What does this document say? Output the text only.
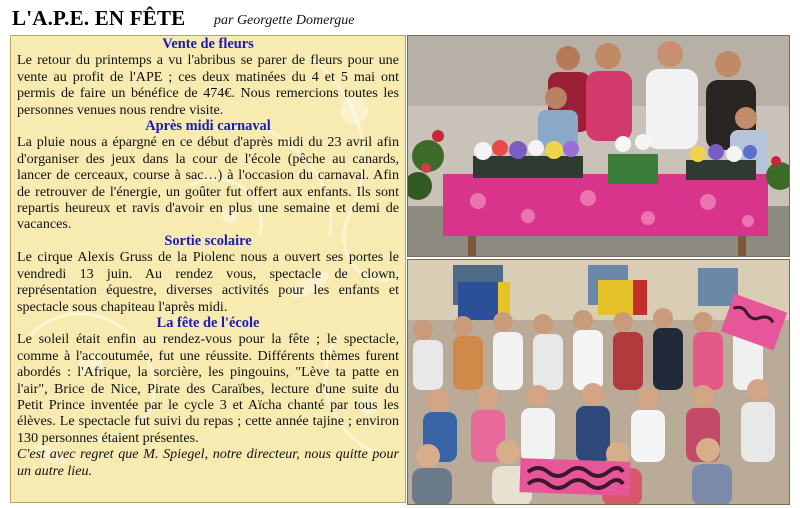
L'A.P.E. EN FÊTE par Georgette Domergue
Vente de fleurs

Le retour du printemps a vu l'abribus se parer de fleurs pour une vente au profit de l'APE ; ces deux matinées du 4 et 5 mai ont permis de faire un bénéfice de 474€. Nous remercions toutes les personnes venues nous rendre visite.

Après midi carnaval

La pluie nous a épargné en ce début d'après midi du 23 avril afin d'organiser des jeux dans la cour de l'école (pêche au canards, lancer de cerceaux, course à sac…) à l'occasion du carnaval. Afin de retrouver de l'énergie, un goûter fut offert aux enfants. Ils sont repartis heureux et ravis d'avoir en plus une semaine et demi de vacances.

Sortie scolaire

Le cirque Alexis Gruss de la Piolenc nous a ouvert ses portes le vendredi 13 juin. Au rendez vous, spectacle de clown, représentation équestre, diverses activités pour les enfants et spectacle sous chapiteau l'après midi.

La fête de l'école

Le soleil était enfin au rendez-vous pour la fête ; le spectacle, comme à l'accoutumée, fut une réussite. Différents thèmes furent abordés : l'Afrique, la sorcière, les pingouins, "Lève ta patte en l'air", Brice de Nice, Pirate des Caraïbes, lecture d'une suite du Petit Prince inventée par le cycle 3 et Aïcha chanté par tous les élèves. Le spectacle fut suivi du repas ; cette année tajine ; environ 130 personnes étaient présentes.

C'est avec regret que M. Spiegel, notre directeur, nous quitte pour un autre lieu.
